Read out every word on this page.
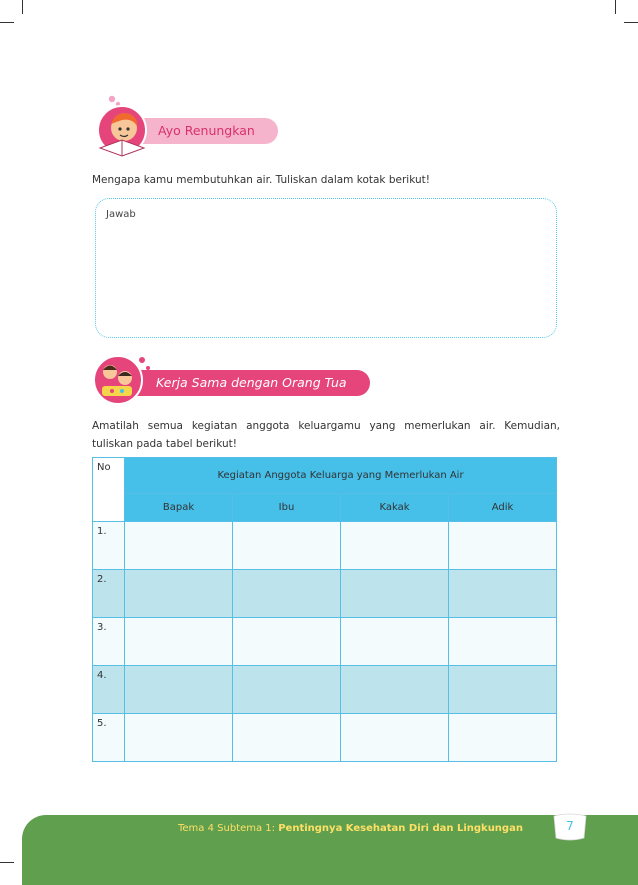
Ayo Renungkan
Mengapa kamu membutuhkan air. Tuliskan dalam kotak berikut!
Jawab
Kerja Sama dengan Orang Tua
Amatilah semua kegiatan anggota keluargamu yang memerlukan air. Kemudian,
tuliskan pada tabel berikut!
No	Kegiatan Anggota Keluarga yang Memerlukan Air			
	Bapak	Ibu	Kakak	Adik
1.				
2.				
3.				
4.				
5.				
Tema 4 Subtema 1: Pentingnya Kesehatan Diri dan Lingkungan	7
